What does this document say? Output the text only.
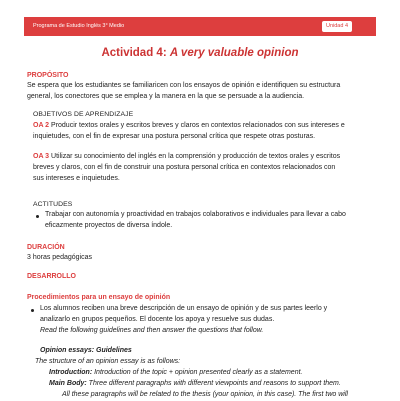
Programa de Estudio Inglés 3° Medio	Unidad 4
Actividad 4: A very valuable opinion
PROPÓSITO
Se espera que los estudiantes se familiaricen con los ensayos de opinión e identifiquen su estructura
general, los conectores que se emplea y la manera en la que se persuade a la audiencia.
OBJETIVOS DE APRENDIZAJE
OA 2 Producir textos orales y escritos breves y claros en contextos relacionados con sus intereses e
inquietudes, con el fin de expresar una postura personal crítica que respete otras posturas.
OA 3 Utilizar su conocimiento del inglés en la comprensión y producción de textos orales y escritos
breves y claros, con el fin de construir una postura personal crítica en contextos relacionados con
sus intereses e inquietudes.
ACTITUDES
Trabajar con autonomía y proactividad en trabajos colaborativos e individuales para llevar a cabo
eficazmente proyectos de diversa índole.
DURACIÓN
3 horas pedagógicas
DESARROLLO
Procedimientos para un ensayo de opinión
Los alumnos reciben una breve descripción de un ensayo de opinión y de sus partes leerlo y
analizarlo en grupos pequeños. El docente los apoya y resuelve sus dudas.
Read the following guidelines and then answer the questions that follow.
Opinion essays: Guidelines
The structure of an opinion essay is as follows:
Introduction: Introduction of the topic + opinion presented clearly as a statement.
Main Body: Three different paragraphs with different viewpoints and reasons to support them.
All these paragraphs will be related to the thesis (your opinion, in this case). The first two will
